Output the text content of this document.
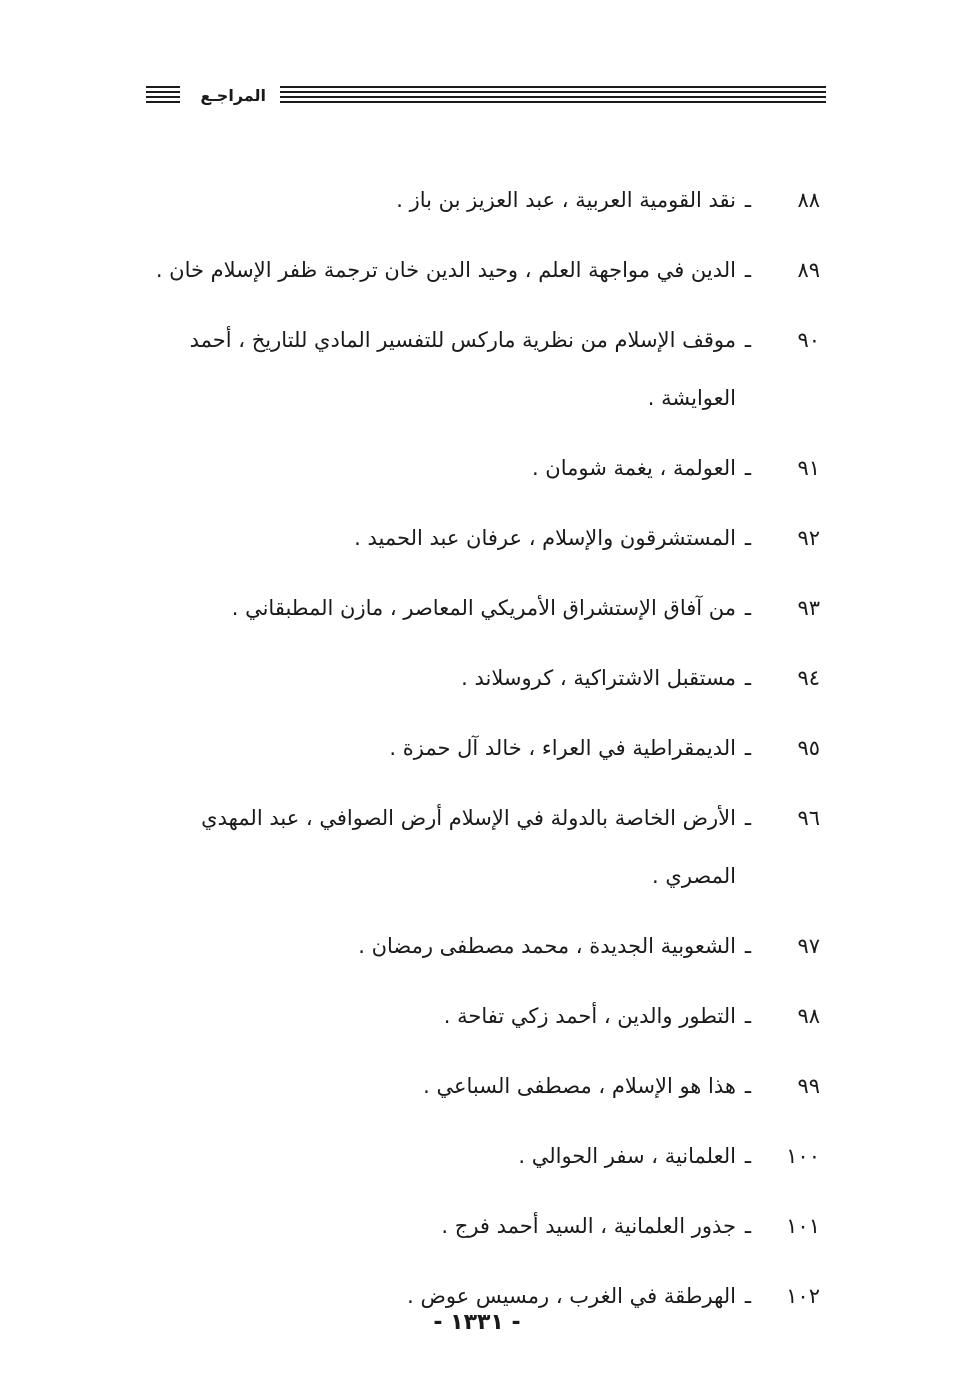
المراجـع
٨٨
ـ
نقد القومية العربية ، عبد العزيز بن باز .
٨٩
ـ
الدين في مواجهة العلم ، وحيد الدين خان ترجمة ظفر الإسلام خان .
٩٠
ـ
موقف الإسلام من نظرية ماركس للتفسير المادي للتاريخ ، أحمد العوايشة .
٩١
ـ
العولمة ، يغمة شومان .
٩٢
ـ
المستشرقون والإسلام ، عرفان عبد الحميد .
٩٣
ـ
من آفاق الإستشراق الأمريكي المعاصر ، مازن المطبقاني .
٩٤
ـ
مستقبل الاشتراكية ، كروسلاند .
٩٥
ـ
الديمقراطية في العراء ، خالد آل حمزة .
٩٦
ـ
الأرض الخاصة بالدولة في الإسلام أرض الصوافي ، عبد المهدي المصري .
٩٧
ـ
الشعوبية الجديدة ، محمد مصطفى رمضان .
٩٨
ـ
التطور والدين ، أحمد زكي تفاحة .
٩٩
ـ
هذا هو الإسلام ، مصطفى السباعي .
١٠٠
ـ
العلمانية ، سفر الحوالي .
١٠١
ـ
جذور العلمانية ، السيد أحمد فرج .
١٠٢
ـ
الهرطقة في الغرب ، رمسيس عوض .
- ١٣٣١ -
